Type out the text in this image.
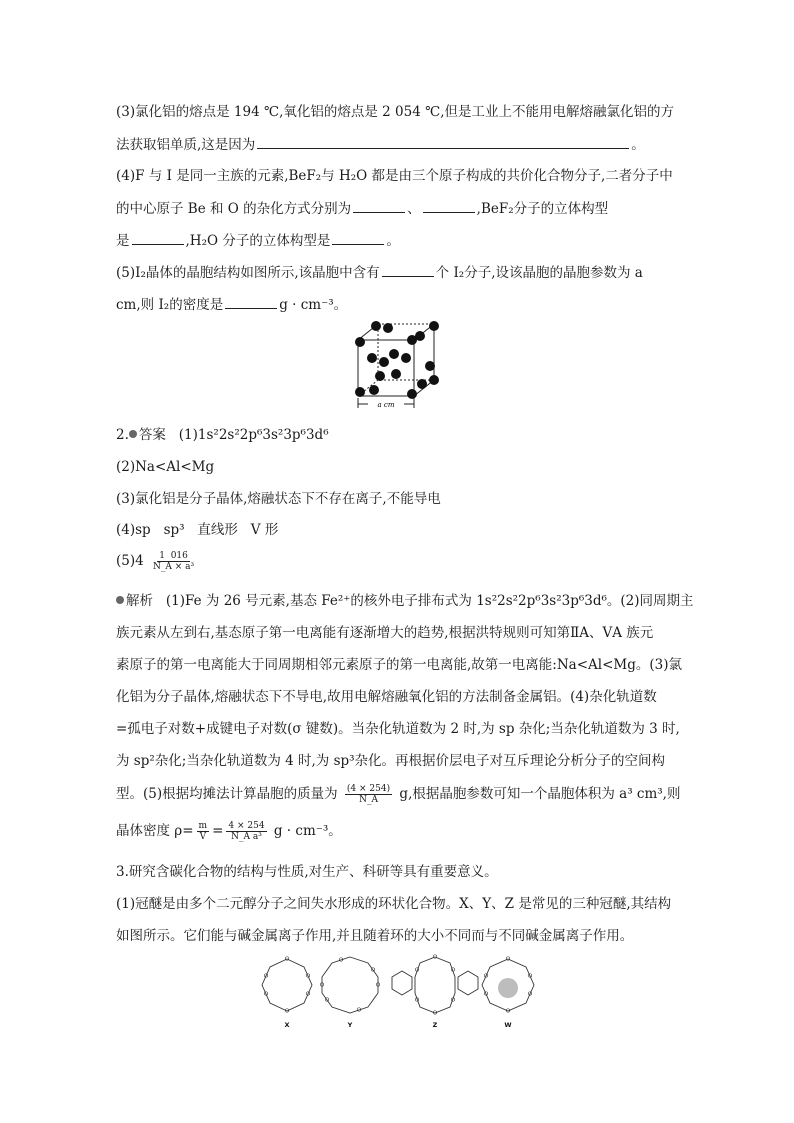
(3)氯化铝的熔点是 194 ℃,氧化铝的熔点是 2 054 ℃,但是工业上不能用电解熔融氯化铝的方
法获取铝单质,这是因为	。
(4)F 与 I 是同一主族的元素,BeF₂与 H₂O 都是由三个原子构成的共价化合物分子,二者分子中
的中心原子 Be 和 O 的杂化方式分别为	、	,BeF₂分子的立体构型
是	,H₂O 分子的立体构型是	。
(5)I₂晶体的晶胞结构如图所示,该晶胞中含有	个 I₂分子,设该晶胞的晶胞参数为 a
cm,则 I₂的密度是	g · cm⁻³。
a cm
2. 答案 (1)1s²2s²2p⁶3s²3p⁶3d⁶
(2)Na<Al<Mg
(3)氯化铝是分子晶体,熔融状态下不存在离子,不能导电
(4)sp   sp³   直线形   V 形
$(5)4 \frac{1 016}{\text{N\_A × a³}}$
解析 (1)Fe 为 26 号元素,基态 Fe²⁺的核外电子排布式为 1s²2s²2p⁶3s²3p⁶3d⁶。(2)同周期主
族元素从左到右,基态原子第一电离能有逐渐增大的趋势,根据洪特规则可知第ⅡA、ⅤA 族元
素原子的第一电离能大于同周期相邻元素原子的第一电离能,故第一电离能:Na<Al<Mg。(3)氯
化铝为分子晶体,熔融状态下不导电,故用电解熔融氧化铝的方法制备金属铝。(4)杂化轨道数
=孤电子对数+成键电子对数(σ 键数)。当杂化轨道数为 2 时,为 sp 杂化;当杂化轨道数为 3 时,
为 sp²杂化;当杂化轨道数为 4 时,为 sp³杂化。再根据价层电子对互斥理论分析分子的空间构
型。(5)根据均摊法计算晶胞的质量为 $\frac{(4 \times 254)}{N\_A} g$,根据晶胞参数可知一个晶胞体积为 a³ cm³,则
晶体密度 $\rho= \frac{m}{V} = \frac{4 \times 254}{\text{N\_A a³}}$ g · cm⁻³。
3.研究含碳化合物的结构与性质,对生产、科研等具有重要意义。
(1)冠醚是由多个二元醇分子之间失水形成的环状化合物。X、Y、Z 是常见的三种冠醚,其结构
如图所示。它们能与碱金属离子作用,并且随着环的大小不同而与不同碱金属离子作用。
O
O
O
O
O
O
O
O
O
O
O
O
O
O	O
O	O
O
O
O
O
O
O
O
X	Y	Z	W
